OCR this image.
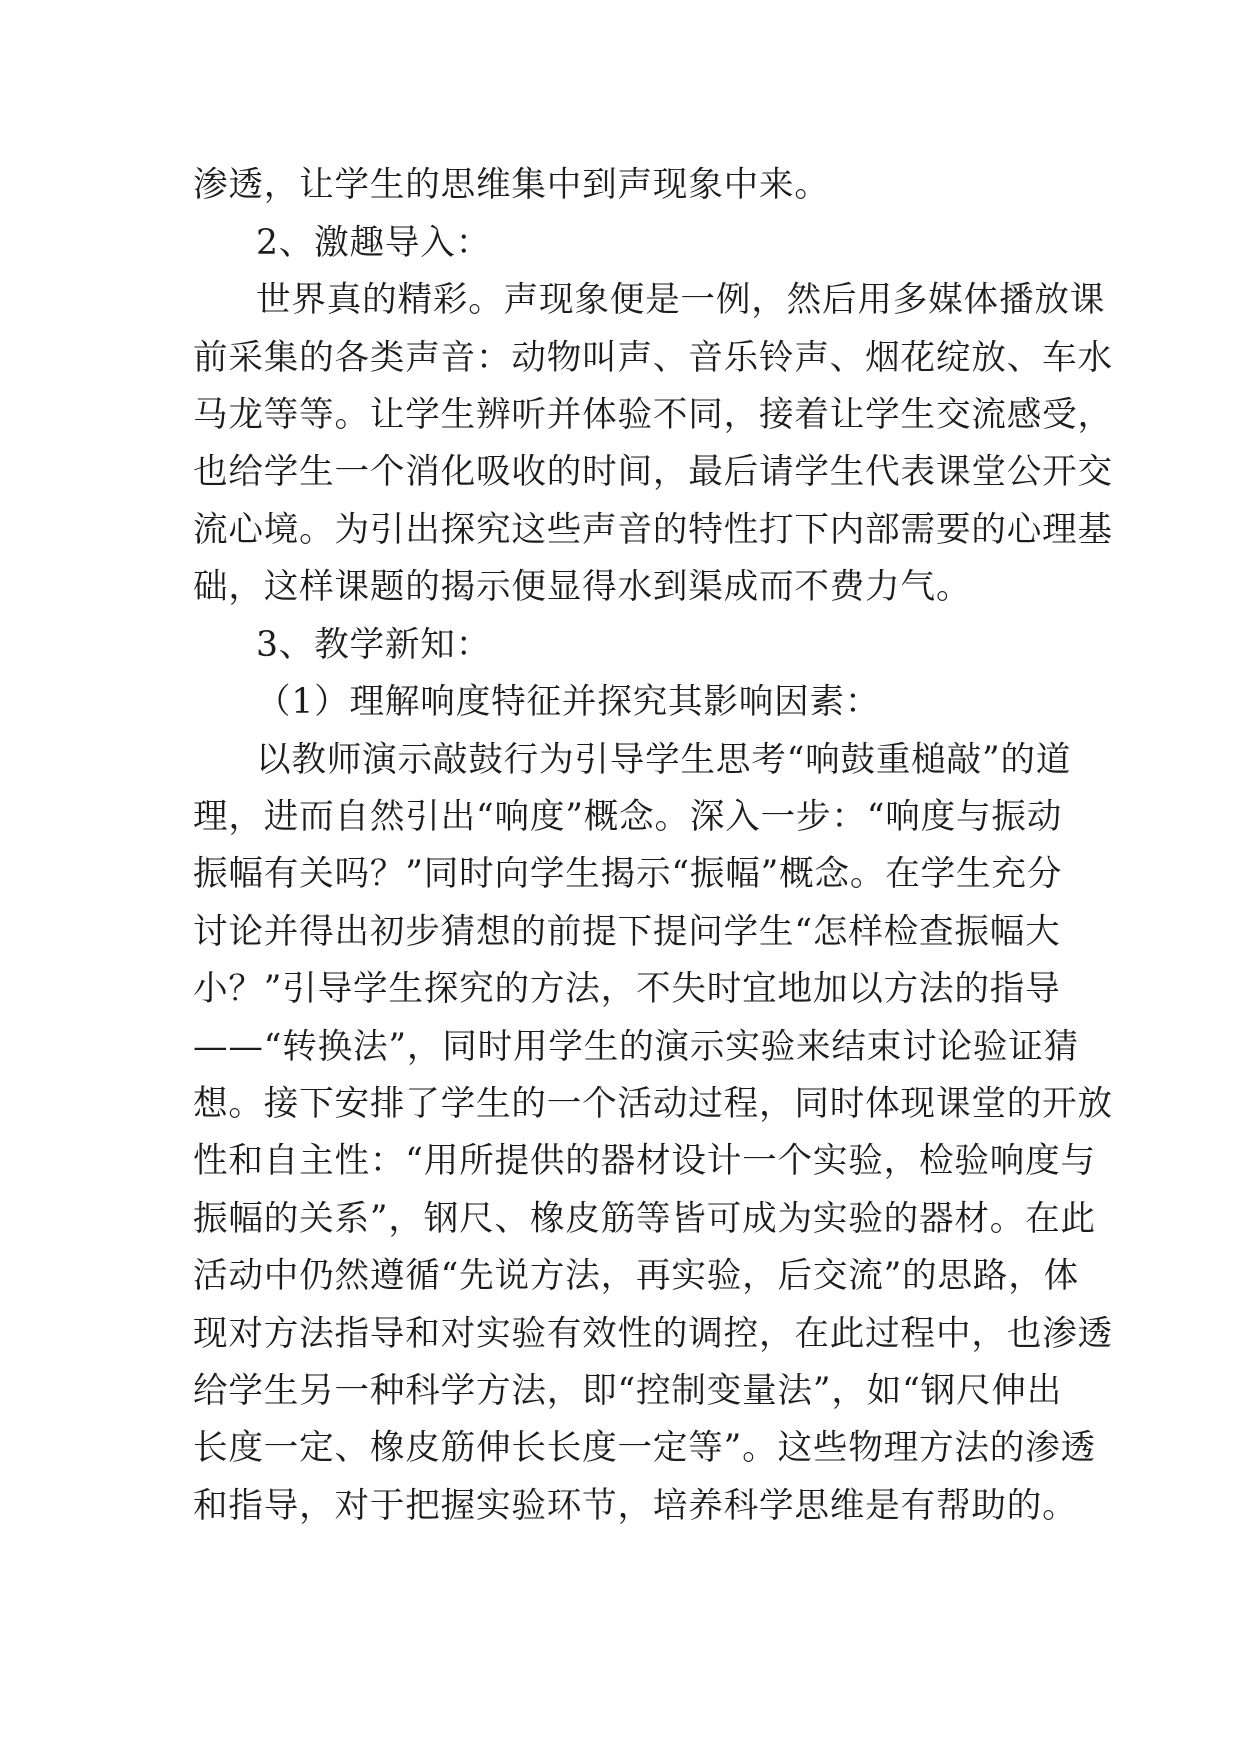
渗透，让学生的思维集中到声现象中来。
2、激趣导入：
世界真的精彩。声现象便是一例，然后用多媒体播放课
前采集的各类声音：动物叫声、音乐铃声、烟花绽放、车水
马龙等等。让学生辨听并体验不同，接着让学生交流感受，
也给学生一个消化吸收的时间，最后请学生代表课堂公开交
流心境。为引出探究这些声音的特性打下内部需要的心理基
础，这样课题的揭示便显得水到渠成而不费力气。
3、教学新知：
（1）理解响度特征并探究其影响因素：
以教师演示敲鼓行为引导学生思考“响鼓重槌敲”的道
理，进而自然引出“响度”概念。深入一步：“响度与振动
振幅有关吗？”同时向学生揭示“振幅”概念。在学生充分
讨论并得出初步猜想的前提下提问学生“怎样检查振幅大
小？”引导学生探究的方法，不失时宜地加以方法的指导
——“转换法”，同时用学生的演示实验来结束讨论验证猜
想。接下安排了学生的一个活动过程，同时体现课堂的开放
性和自主性：“用所提供的器材设计一个实验，检验响度与
振幅的关系”，钢尺、橡皮筋等皆可成为实验的器材。在此
活动中仍然遵循“先说方法，再实验，后交流”的思路，体
现对方法指导和对实验有效性的调控，在此过程中，也渗透
给学生另一种科学方法，即“控制变量法”，如“钢尺伸出
长度一定、橡皮筋伸长长度一定等”。这些物理方法的渗透
和指导，对于把握实验环节，培养科学思维是有帮助的。
